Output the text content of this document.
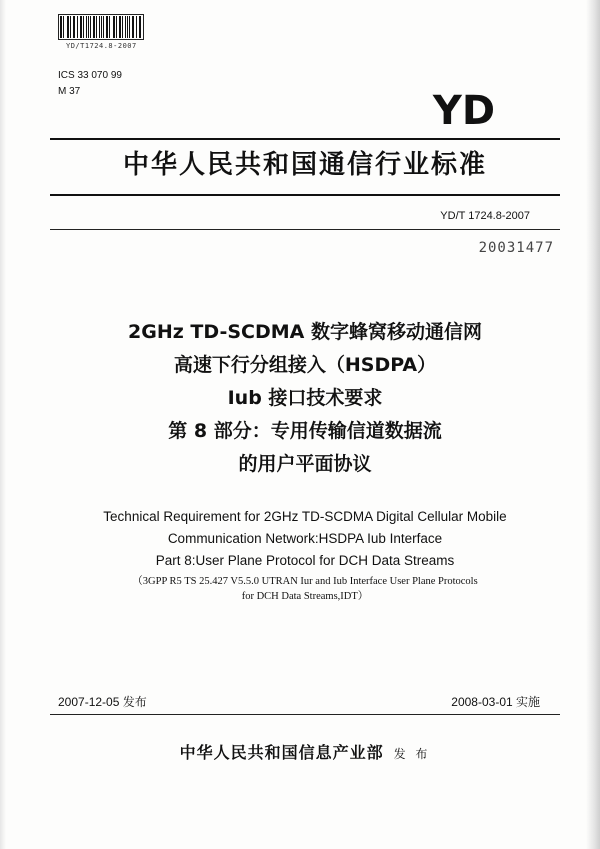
YD/T1724.8-2007
ICS 33 070 99
M 37	YD
中华人民共和国通信行业标准
YD/T 1724.8-2007
20031477
2GHz TD-SCDMA 数字蜂窝移动通信网
高速下行分组接入（HSDPA）
Iub 接口技术要求
第 8 部分：专用传输信道数据流
的用户平面协议
Technical Requirement for 2GHz TD-SCDMA Digital Cellular Mobile
Communication Network:HSDPA Iub Interface
Part 8:User Plane Protocol for DCH Data Streams
（3GPP R5 TS 25.427 V5.5.0 UTRAN Iur and Iub Interface User Plane Protocols
for DCH Data Streams,IDT）
2007-12-05 发布	2008-03-01 实施
中华人民共和国信息产业部 发 布
